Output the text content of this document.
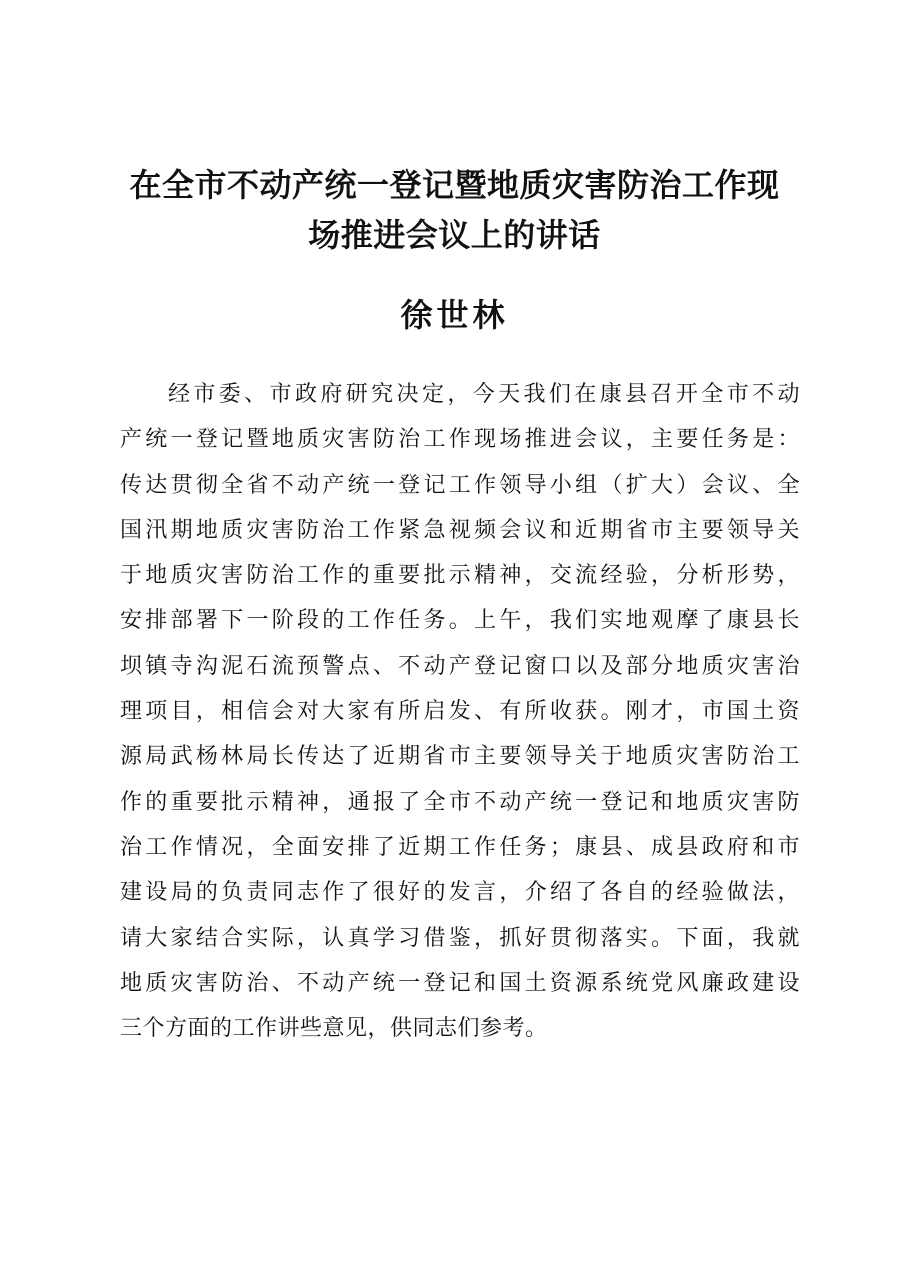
在全市不动产统一登记暨地质灾害防治工作现
场推进会议上的讲话
徐世林
经市委、市政府研究决定，今天我们在康县召开全市不动
产统一登记暨地质灾害防治工作现场推进会议，主要任务是：
传达贯彻全省不动产统一登记工作领导小组（扩大）会议、全
国汛期地质灾害防治工作紧急视频会议和近期省市主要领导关
于地质灾害防治工作的重要批示精神，交流经验，分析形势，
安排部署下一阶段的工作任务。上午，我们实地观摩了康县长
坝镇寺沟泥石流预警点、不动产登记窗口以及部分地质灾害治
理项目，相信会对大家有所启发、有所收获。刚才，市国土资
源局武杨林局长传达了近期省市主要领导关于地质灾害防治工
作的重要批示精神，通报了全市不动产统一登记和地质灾害防
治工作情况，全面安排了近期工作任务；康县、成县政府和市
建设局的负责同志作了很好的发言，介绍了各自的经验做法，
请大家结合实际，认真学习借鉴，抓好贯彻落实。下面，我就
地质灾害防治、不动产统一登记和国土资源系统党风廉政建设
三个方面的工作讲些意见，供同志们参考。
